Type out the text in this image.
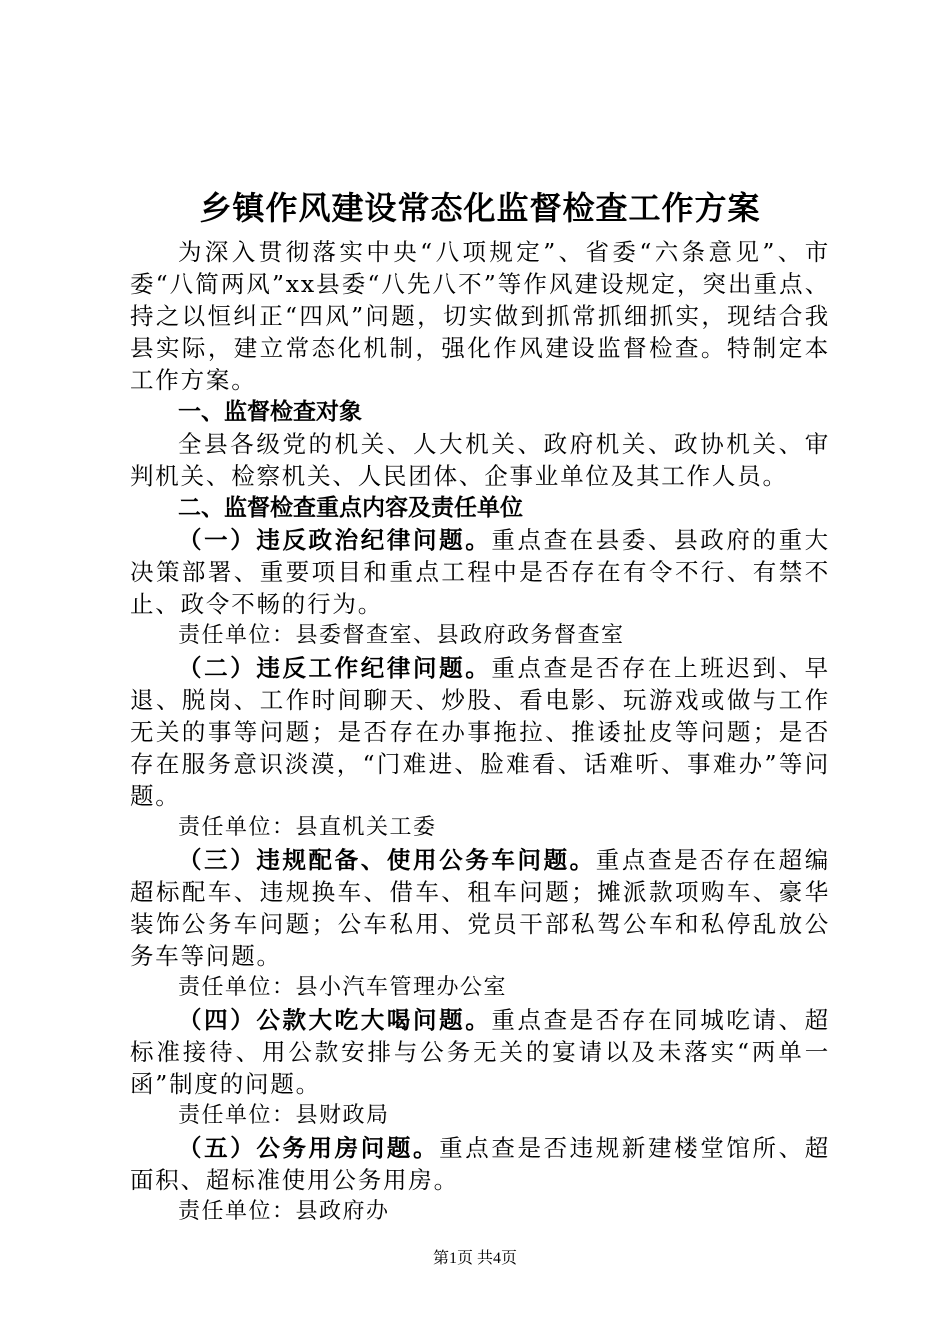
乡镇作风建设常态化监督检查工作方案

为深入贯彻落实中央“八项规定”、省委“六条意见”、市委“八简两风”xx县委“八先八不”等作风建设规定，突出重点、持之以恒纠正“四风”问题，切实做到抓常抓细抓实，现结合我县实际，建立常态化机制，强化作风建设监督检查。特制定本工作方案。

一、监督检查对象

全县各级党的机关、人大机关、政府机关、政协机关、审判机关、检察机关、人民团体、企事业单位及其工作人员。

二、监督检查重点内容及责任单位

（一）违反政治纪律问题。重点查在县委、县政府的重大决策部署、重要项目和重点工程中是否存在有令不行、有禁不止、政令不畅的行为。

责任单位：县委督查室、县政府政务督查室

（二）违反工作纪律问题。重点查是否存在上班迟到、早退、脱岗、工作时间聊天、炒股、看电影、玩游戏或做与工作无关的事等问题；是否存在办事拖拉、推诿扯皮等问题；是否存在服务意识淡漠，“门难进、脸难看、话难听、事难办”等问题。

责任单位：县直机关工委

（三）违规配备、使用公务车问题。重点查是否存在超编超标配车、违规换车、借车、租车问题；摊派款项购车、豪华装饰公务车问题；公车私用、党员干部私驾公车和私停乱放公务车等问题。

责任单位：县小汽车管理办公室

（四）公款大吃大喝问题。重点查是否存在同城吃请、超标准接待、用公款安排与公务无关的宴请以及未落实“两单一函”制度的问题。

责任单位：县财政局

（五）公务用房问题。重点查是否违规新建楼堂馆所、超面积、超标准使用公务用房。

责任单位：县政府办

第1页 共4页
